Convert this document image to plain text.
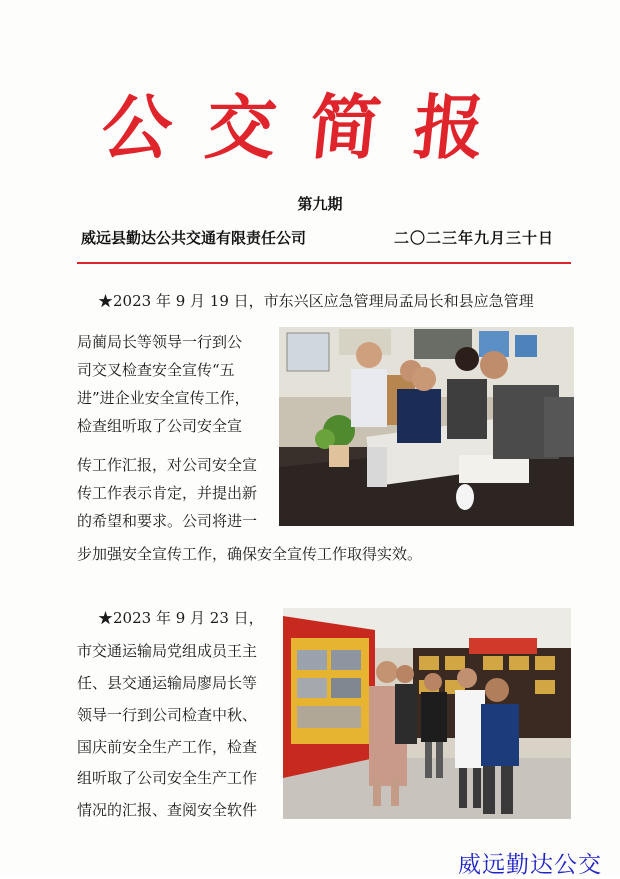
公交简报
第九期
威远县勤达公共交通有限责任公司	二〇二三年九月三十日
★2023 年 9 月 19 日，市东兴区应急管理局孟局长和县应急管理
局蔺局长等领导一行到公
司交叉检查安全宣传“五
进”进企业安全宣传工作，
检查组听取了公司安全宣
传工作汇报，对公司安全宣
传工作表示肯定，并提出新
的希望和要求。公司将进一
步加强安全宣传工作，确保安全宣传工作取得实效。
★2023 年 9 月 23 日，
市交通运输局党组成员王主
任、县交通运输局廖局长等
领导一行到公司检查中秋、
国庆前安全生产工作，检查
组听取了公司安全生产工作
情况的汇报、查阅安全软件
威远勤达公交
